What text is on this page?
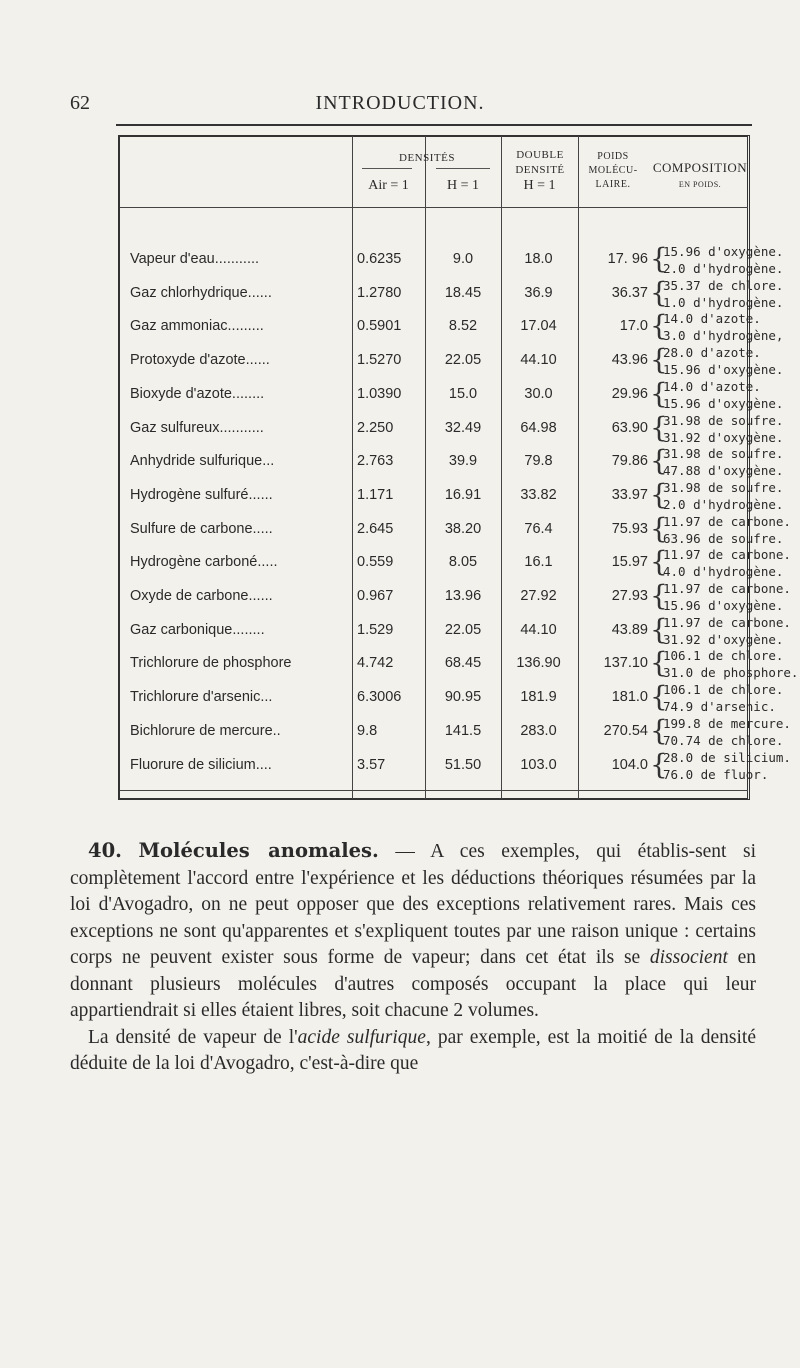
62	INTRODUCTION.
DENSITÉS
Air = 1	H = 1
DOUBLE DENSITÉ
H = 1
POIDS MOLÉCU-LAIRE.
COMPOSITION
EN POIDS.
Vapeur d'eau...........	0.6235	9.0	18.0	17. 96 {
15.96 d'oxygène.
2.0 d'hydrogène.
Gaz chlorhydrique......	1.2780	18.45	36.9	36.37 {
35.37 de chlore.
1.0 d'hydrogène.
Gaz ammoniac.........	0.5901	8.52	17.04	17.0 {
14.0 d'azote.
3.0 d'hydrogène,
Protoxyde d'azote......	1.5270	22.05	44.10	43.96 {
28.0 d'azote.
15.96 d'oxygène.
Bioxyde d'azote........	1.0390	15.0	30.0	29.96 {
14.0 d'azote.
15.96 d'oxygène.
Gaz sulfureux...........	2.250	32.49	64.98	63.90 {
31.98 de soufre.
31.92 d'oxygène.
Anhydride sulfurique...	2.763	39.9	79.8	79.86 {
31.98 de soufre.
47.88 d'oxygène.
Hydrogène sulfuré......	1.171	16.91	33.82	33.97 {
31.98 de soufre.
2.0 d'hydrogène.
Sulfure de carbone.....	2.645	38.20	76.4	75.93 {
11.97 de carbone.
63.96 de soufre.
Hydrogène carboné.....	0.559	8.05	16.1	15.97 {
11.97 de carbone.
4.0 d'hydrogène.
Oxyde de carbone......	0.967	13.96	27.92	27.93 {
11.97 de carbone.
15.96 d'oxygène.
Gaz carbonique........	1.529	22.05	44.10	43.89 {
11.97 de carbone.
31.92 d'oxygène.
Trichlorure de phosphore	4.742	68.45	136.90	137.10 {
106.1 de chlore.
31.0 de phosphore.
Trichlorure d'arsenic...	6.3006	90.95	181.9	181.0 {
106.1 de chlore.
74.9 d'arsenic.
Bichlorure de mercure..	9.8	141.5	283.0	270.54 {
199.8 de mercure.
70.74 de chlore.
Fluorure de silicium....	3.57	51.50	103.0	104.0 {
28.0 de silicium.
76.0 de fluor.

40. Molécules anomales. — A ces exemples, qui établis-sent si complètement l'accord entre l'expérience et les déductions théoriques résumées par la loi d'Avogadro, on ne peut opposer que des exceptions relativement rares. Mais ces exceptions ne sont qu'apparentes et s'expliquent toutes par une raison unique : certains corps ne peuvent exister sous forme de vapeur; dans cet état ils se dissocient en donnant plusieurs molécules d'autres composés occupant la place qui leur appartiendrait si elles étaient libres, soit chacune 2 volumes.

La densité de vapeur de l'acide sulfurique, par exemple, est la moitié de la densité déduite de la loi d'Avogadro, c'est-à-dire que
